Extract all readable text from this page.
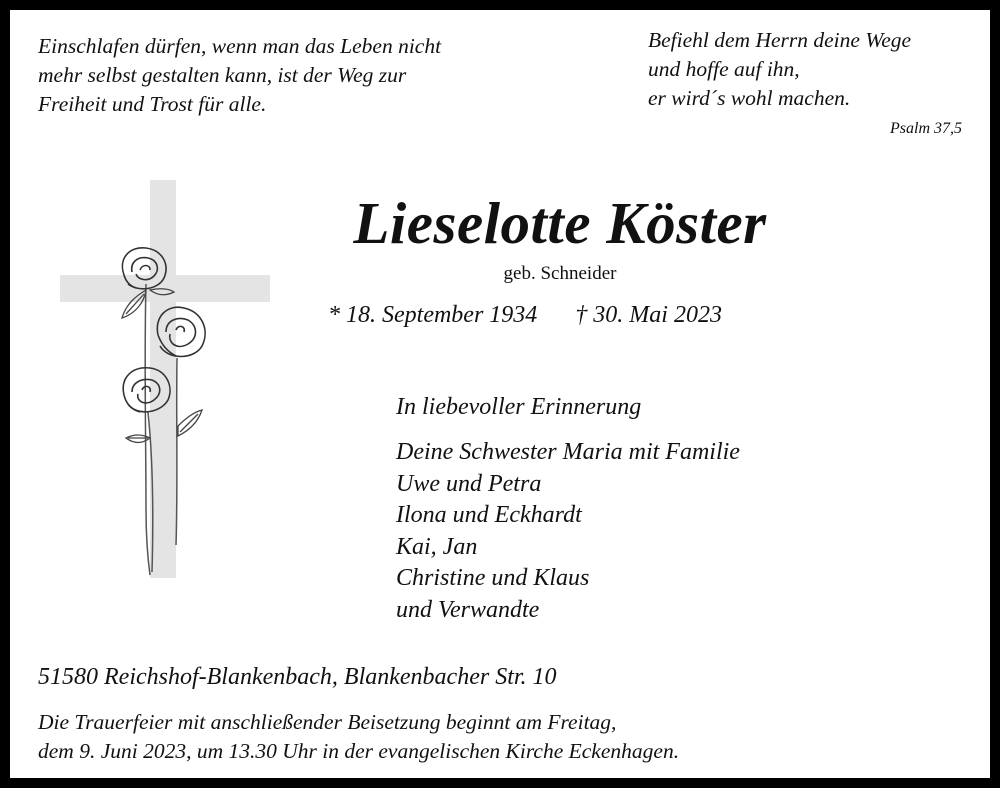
Einschlafen dürfen, wenn man das Leben nicht
mehr selbst gestalten kann, ist der Weg zur
Freiheit und Trost für alle.
Befiehl dem Herrn deine Wege
und hoffe auf ihn,
er wird´s wohl machen.
Psalm 37,5
Lieselotte Köster
geb. Schneider
* 18. September 1934 † 30. Mai 2023
In liebevoller Erinnerung
Deine Schwester Maria mit Familie
Uwe und Petra
Ilona und Eckhardt
Kai, Jan
Christine und Klaus
und Verwandte
51580 Reichshof-Blankenbach, Blankenbacher Str. 10
Die Trauerfeier mit anschließender Beisetzung beginnt am Freitag,
dem 9. Juni 2023, um 13.30 Uhr in der evangelischen Kirche Eckenhagen.
